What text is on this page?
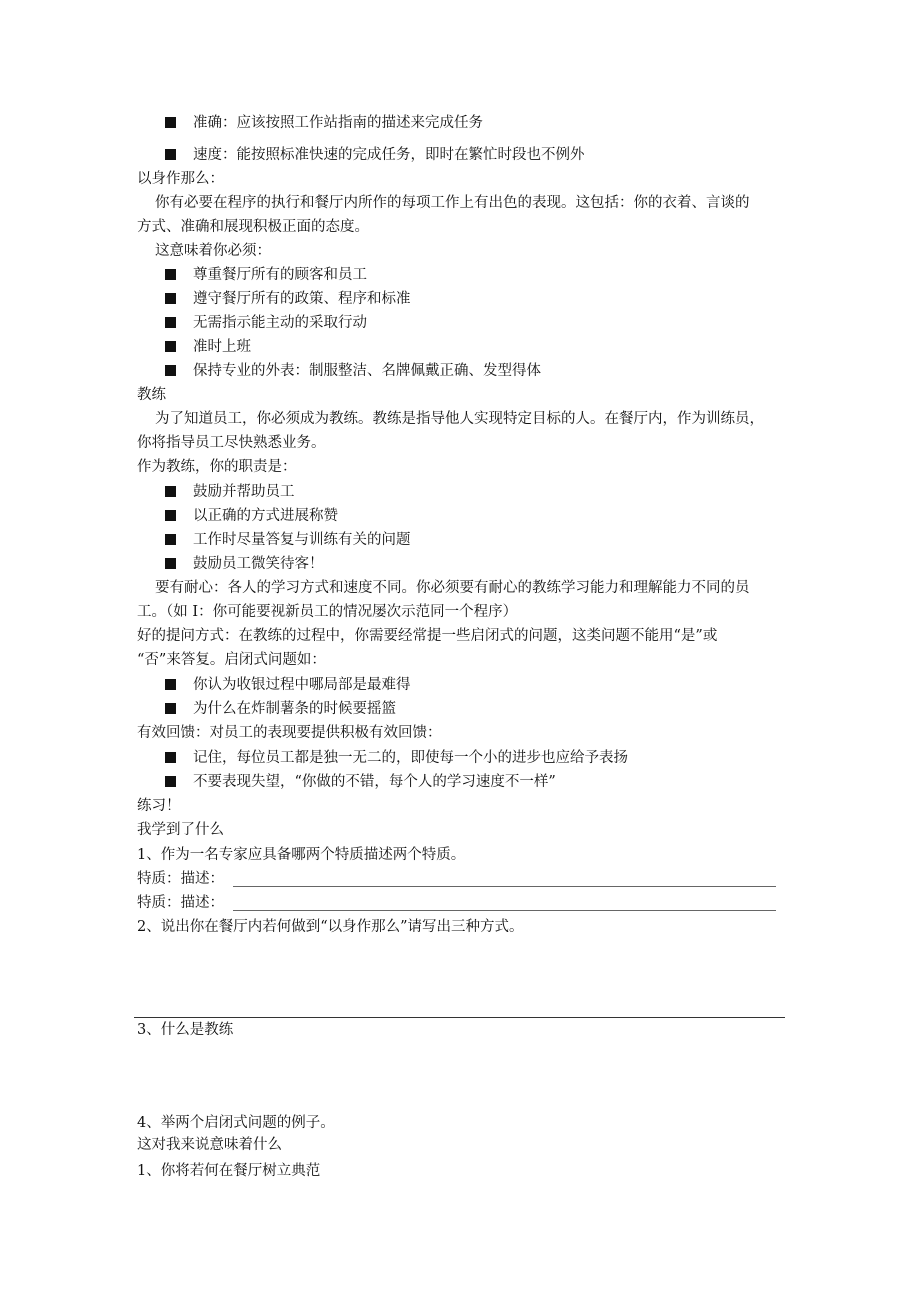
准确：应该按照工作站指南的描述来完成任务
速度：能按照标准快速的完成任务，即时在繁忙时段也不例外
以身作那么：
你有必要在程序的执行和餐厅内所作的每项工作上有出色的表现。这包括：你的衣着、言谈的
方式、准确和展现积极正面的态度。
这意味着你必须：
尊重餐厅所有的顾客和员工
遵守餐厅所有的政策、程序和标准
无需指示能主动的采取行动
准时上班
保持专业的外表：制服整洁、名牌佩戴正确、发型得体
教练
为了知道员工，你必须成为教练。教练是指导他人实现特定目标的人。在餐厅内，作为训练员，
你将指导员工尽快熟悉业务。
作为教练，你的职责是：
鼓励并帮助员工
以正确的方式进展称赞
工作时尽量答复与训练有关的问题
鼓励员工微笑待客！
要有耐心：各人的学习方式和速度不同。你必须要有耐心的教练学习能力和理解能力不同的员
工。（如 I：你可能要视新员工的情况屡次示范同一个程序）
好的提问方式：在教练的过程中，你需要经常提一些启闭式的问题，这类问题不能用“是”或
“否”来答复。启闭式问题如：
你认为收银过程中哪局部是最难得
为什么在炸制薯条的时候要摇篮
有效回馈：对员工的表现要提供积极有效回馈：
记住，每位员工都是独一无二的，即使每一个小的进步也应给予表扬
不要表现失望，“你做的不错，每个人的学习速度不一样”
练习！
我学到了什么
1、作为一名专家应具备哪两个特质描述两个特质。
特质：描述：
特质：描述：
2、说出你在餐厅内若何做到“以身作那么”请写出三种方式。
3、什么是教练
4、举两个启闭式问题的例子。
这对我来说意味着什么
1、你将若何在餐厅树立典范
